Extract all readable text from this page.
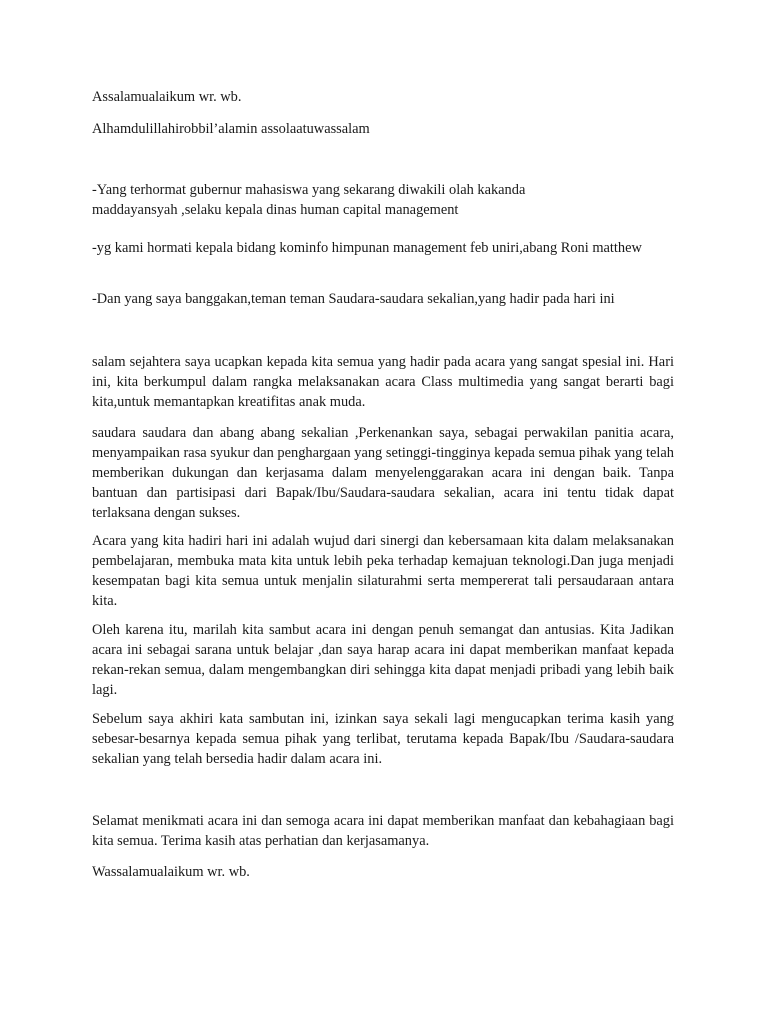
Assalamualaikum wr. wb.

Alhamdulillahirobbil’alamin assolaatuwassalam

-Yang terhormat gubernur mahasiswa yang sekarang diwakili olah kakanda maddayansyah ,selaku kepala dinas human capital management

-yg kami hormati kepala bidang kominfo himpunan management feb uniri,abang Roni matthew

-Dan yang saya banggakan,teman teman Saudara-saudara sekalian,yang hadir pada hari ini

salam sejahtera saya ucapkan kepada kita semua yang hadir pada acara yang sangat spesial ini. Hari ini, kita berkumpul dalam rangka melaksanakan acara Class multimedia yang sangat berarti bagi kita,untuk memantapkan kreatifitas anak muda.

saudara saudara dan abang abang sekalian ,Perkenankan saya, sebagai perwakilan panitia acara, menyampaikan rasa syukur dan penghargaan yang setinggi-tingginya kepada semua pihak yang telah memberikan dukungan dan kerjasama dalam menyelenggarakan acara ini dengan baik. Tanpa bantuan dan partisipasi dari Bapak/Ibu/Saudara-saudara sekalian, acara ini tentu tidak dapat terlaksana dengan sukses.

Acara yang kita hadiri hari ini adalah wujud dari sinergi dan kebersamaan kita dalam melaksanakan pembelajaran, membuka mata kita untuk lebih peka terhadap kemajuan teknologi.Dan juga menjadi kesempatan bagi kita semua untuk menjalin silaturahmi serta mempererat tali persaudaraan antara kita.

Oleh karena itu, marilah kita sambut acara ini dengan penuh semangat dan antusias. Kita Jadikan acara ini sebagai sarana untuk belajar ,dan saya harap acara ini dapat memberikan manfaat kepada rekan-rekan semua, dalam mengembangkan diri sehingga kita dapat menjadi pribadi yang lebih baik lagi.

Sebelum saya akhiri kata sambutan ini, izinkan saya sekali lagi mengucapkan terima kasih yang sebesar-besarnya kepada semua pihak yang terlibat, terutama kepada Bapak/Ibu /Saudara-saudara sekalian yang telah bersedia hadir dalam acara ini.

Selamat menikmati acara ini dan semoga acara ini dapat memberikan manfaat dan kebahagiaan bagi kita semua. Terima kasih atas perhatian dan kerjasamanya.

Wassalamualaikum wr. wb.
